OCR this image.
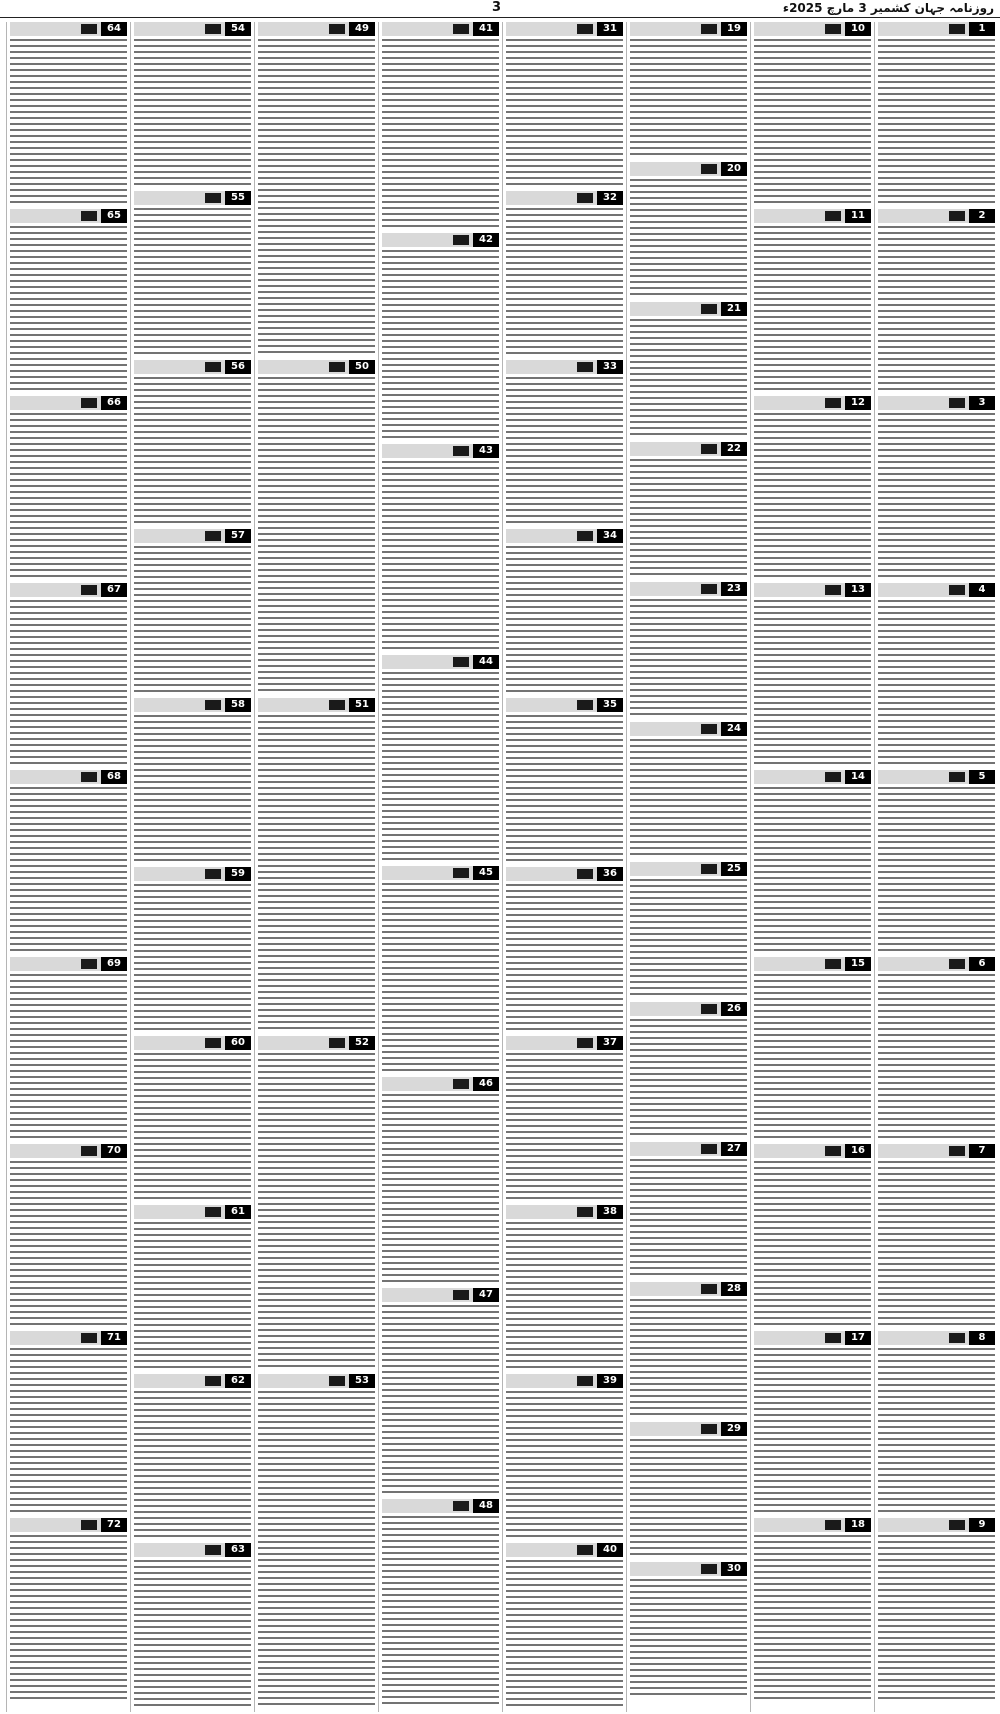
3	روزنامہ جہان کشمیر 3 مارچ 2025ء
1
2
3
4
5
6
7
8
9
10
11
12
13
14
15
16
17
18
19
20
21
22
23
24
25
26
27
28
29
30
31
32
33
34
35
36
37
38
39
40
41
42
43
44
45
46
47
48
49
50
51
52
53
54
55
56
57
58
59
60
61
62
63
64
65
66
67
68
69
70
71
72
